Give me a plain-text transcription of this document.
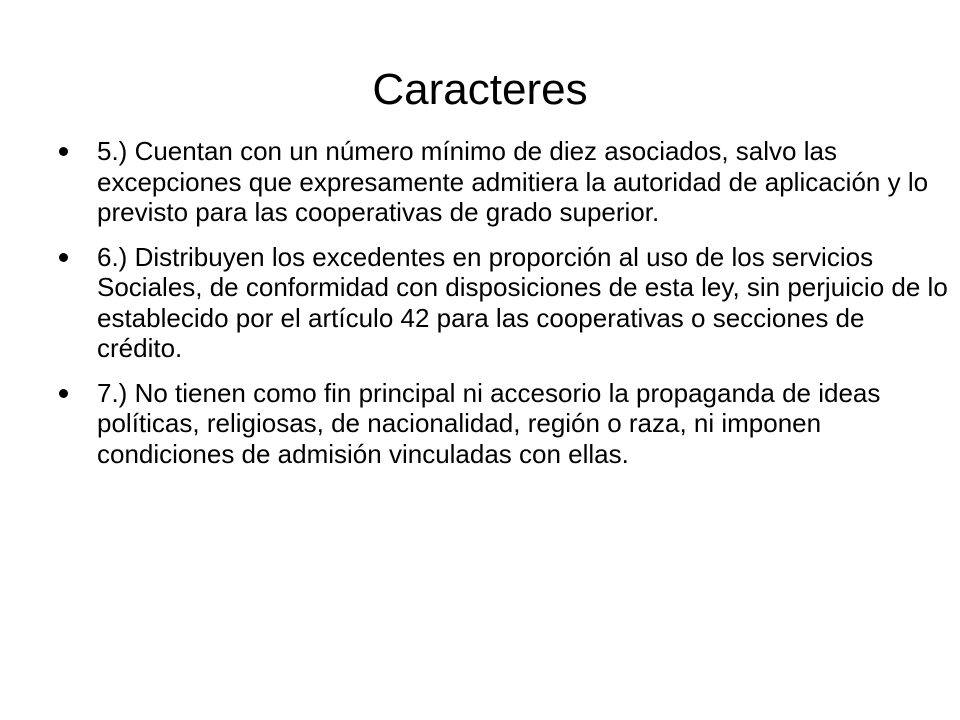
Caracteres
5.) Cuentan con un número mínimo de diez asociados, salvo las excepciones que expresamente admitiera la autoridad de aplicación y lo previsto para las cooperativas de grado superior.
6.) Distribuyen los excedentes en proporción al uso de los servicios Sociales, de conformidad con disposiciones de esta ley, sin perjuicio de lo establecido por el artículo 42 para las cooperativas o secciones de crédito.
7.) No tienen como fin principal ni accesorio la propaganda de ideas políticas, religiosas, de nacionalidad, región o raza, ni imponen condiciones de admisión vinculadas con ellas.
